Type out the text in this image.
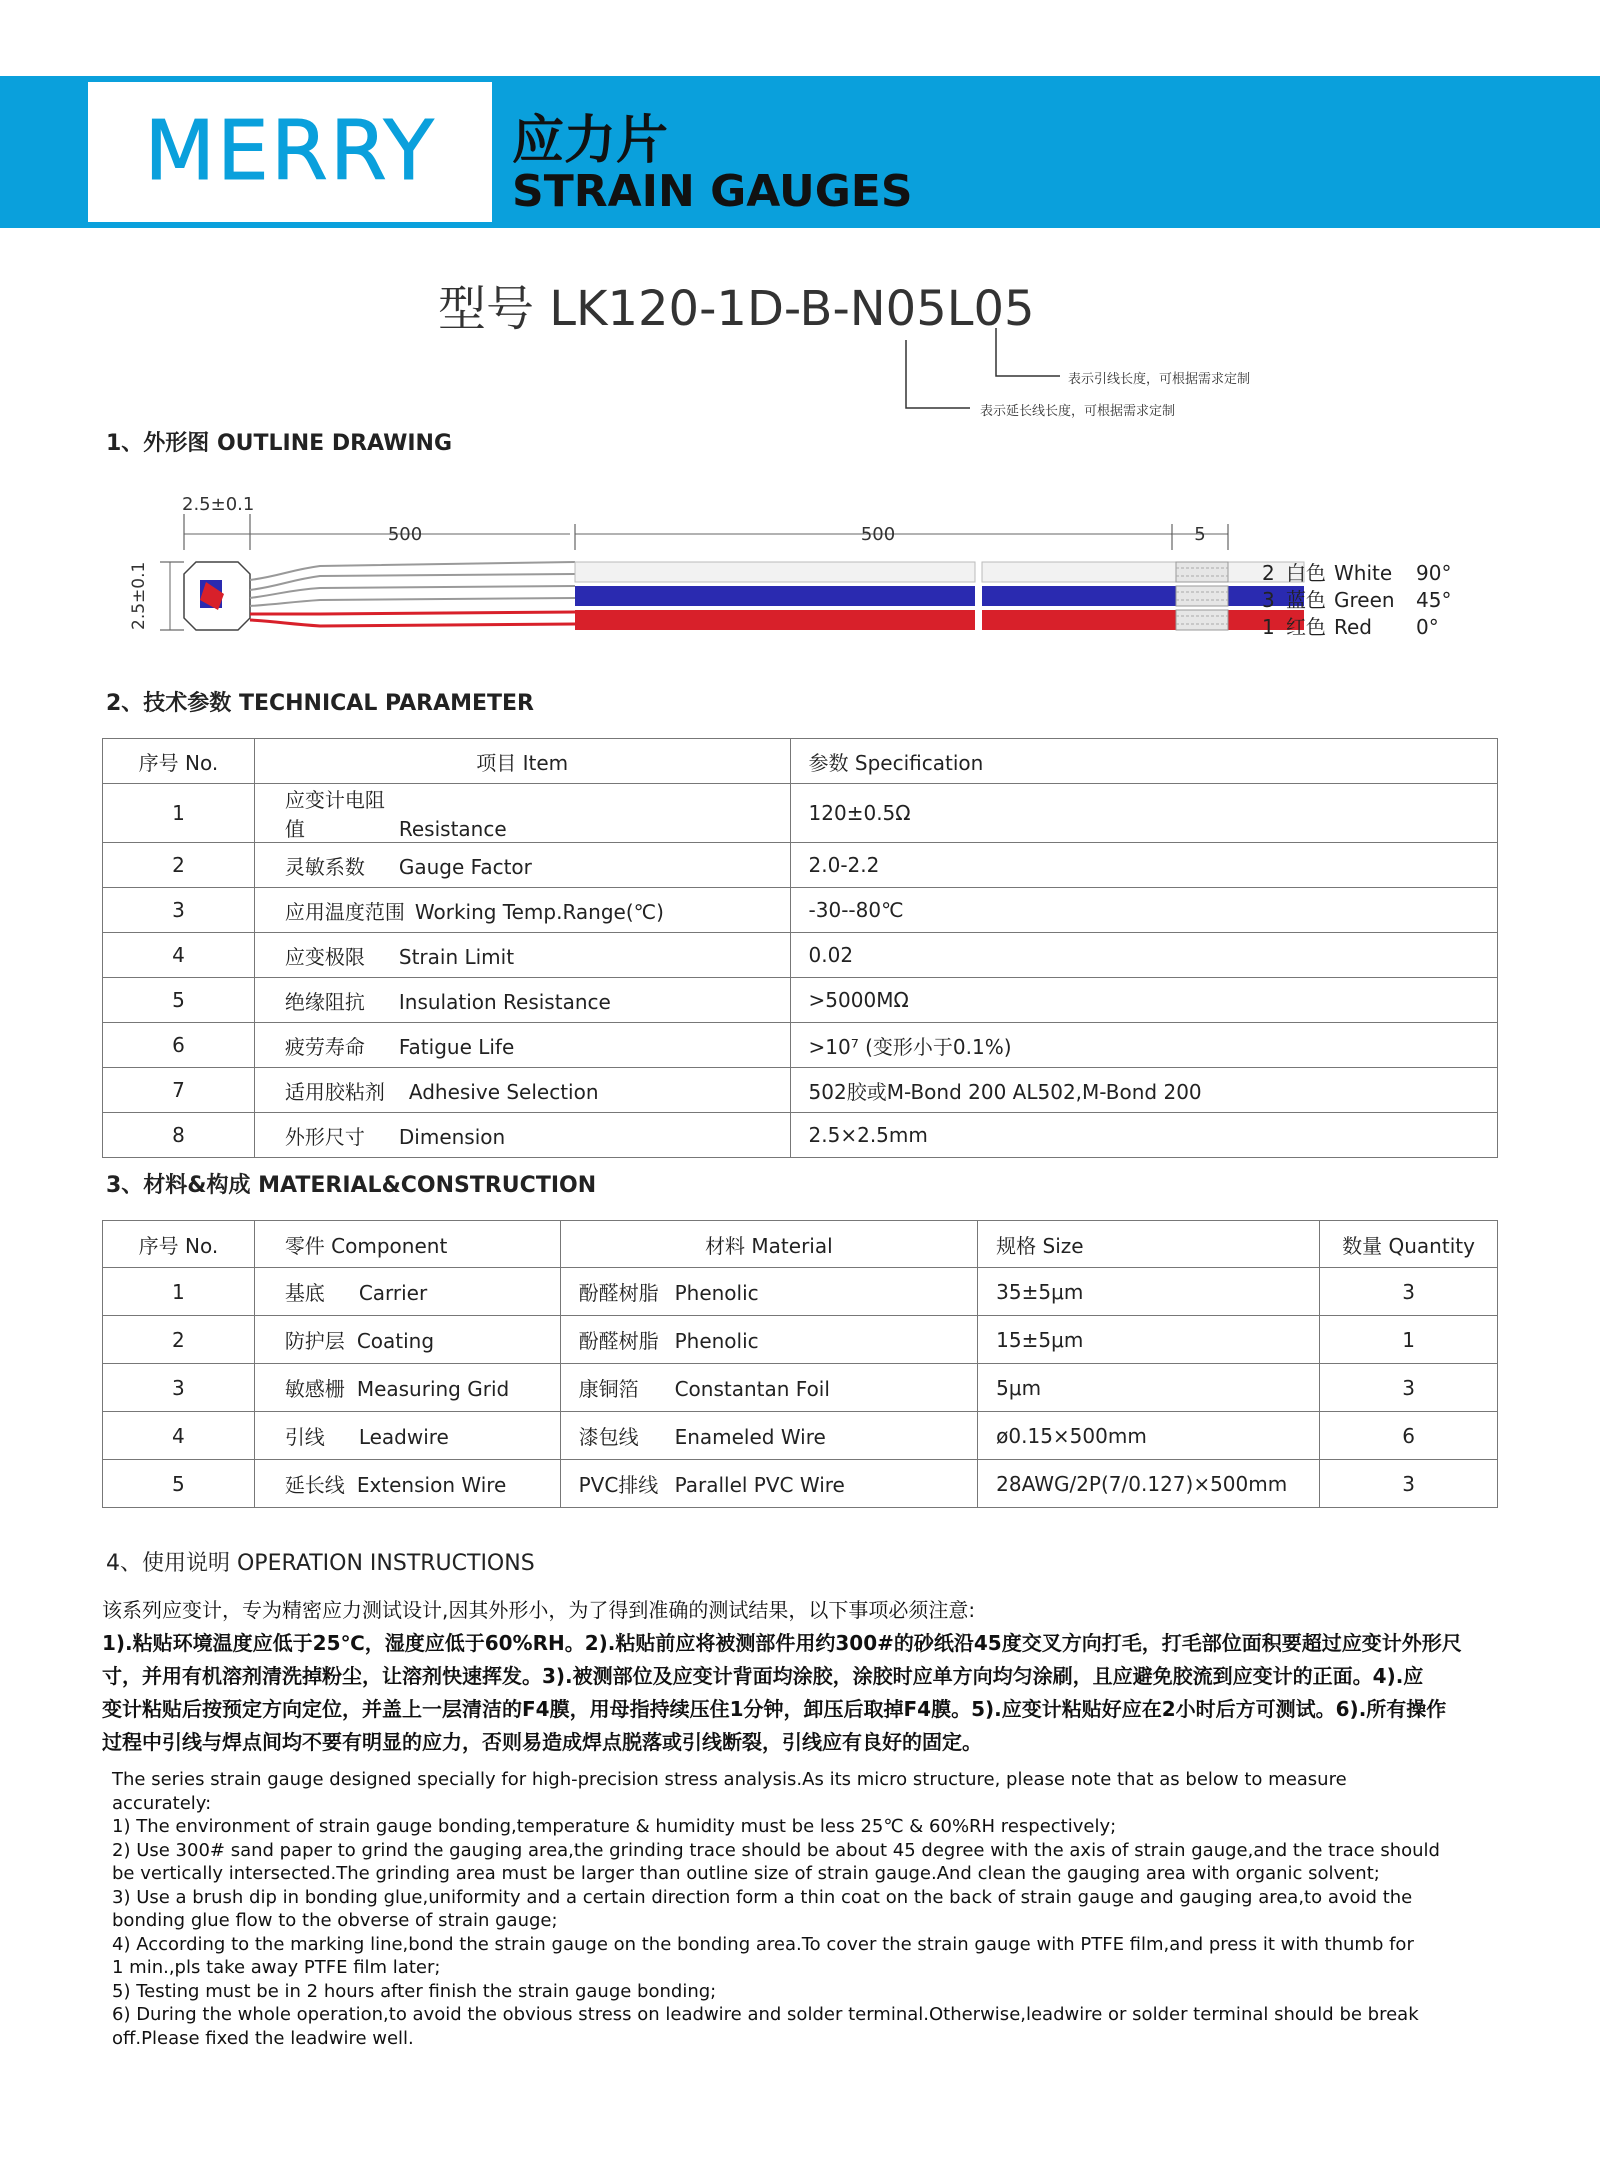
MERRY	应力片
STRAIN GAUGES
型号 LK120-1D-B-N05L05
表示引线长度，可根据需求定制
表示延长线长度，可根据需求定制
1、外形图 OUTLINE DRAWING
2.5±0.1
500	500	5
2.5±0.1	2 白色 White 90°
3 蓝色 Green 45°
1 红色 Red 0°
2、技术参数 TECHNICAL PARAMETER
序号 No.	项目 Item	参数 Specification
1	应变计电阻值 Resistance	120±0.5Ω
2	灵敏系数 Gauge Factor	2.0-2.2
3	应用温度范围 Working Temp.Range(℃)	-30--80℃
4	应变极限 Strain Limit	0.02
5	绝缘阻抗 Insulation Resistance	>5000MΩ
6	疲劳寿命 Fatigue Life	>10⁷ (变形小于0.1%)
7	适用胶粘剂 Adhesive Selection	502胶或M-Bond 200 AL502,M-Bond 200
8	外形尺寸 Dimension	2.5×2.5mm
3、材料&构成 MATERIAL&CONSTRUCTION
序号 No.	零件 Component	材料 Material	规格 Size	数量 Quantity
1	基底 Carrier	酚醛树脂 Phenolic	35±5μm	3
2	防护层 Coating	酚醛树脂 Phenolic	15±5μm	1
3	敏感栅 Measuring Grid	康铜箔 Constantan Foil	5μm	3
4	引线 Leadwire	漆包线 Enameled Wire	ø0.15×500mm	6
5	延长线 Extension Wire	PVC排线 Parallel PVC Wire	28AWG/2P(7/0.127)×500mm	3
4、使用说明 OPERATION INSTRUCTIONS
该系列应变计，专为精密应力测试设计,因其外形小，为了得到准确的测试结果，以下事项必须注意:
1).粘贴环境温度应低于25℃，湿度应低于60%RH。2).粘贴前应将被测部件用约300#的砂纸沿45度交叉方向打毛，打毛部位面积要超过应变计外形尺
寸，并用有机溶剂清洗掉粉尘，让溶剂快速挥发。3).被测部位及应变计背面均涂胶，涂胶时应单方向均匀涂刷，且应避免胶流到应变计的正面。4).应
变计粘贴后按预定方向定位，并盖上一层清洁的F4膜，用母指持续压住1分钟，卸压后取掉F4膜。5).应变计粘贴好应在2小时后方可测试。6).所有操作
过程中引线与焊点间均不要有明显的应力，否则易造成焊点脱落或引线断裂，引线应有良好的固定。
The series strain gauge designed specially for high-precision stress analysis.As its micro structure, please note that as below to measure
accurately:
1) The environment of strain gauge bonding,temperature & humidity must be less 25℃ & 60%RH respectively;
2) Use 300# sand paper to grind the gauging area,the grinding trace should be about 45 degree with the axis of strain gauge,and the trace should
be vertically intersected.The grinding area must be larger than outline size of strain gauge.And clean the gauging area with organic solvent;
3) Use a brush dip in bonding glue,uniformity and a certain direction form a thin coat on the back of strain gauge and gauging area,to avoid the
bonding glue flow to the obverse of strain gauge;
4) According to the marking line,bond the strain gauge on the bonding area.To cover the strain gauge with PTFE film,and press it with thumb for
1 min.,pls take away PTFE film later;
5) Testing must be in 2 hours after finish the strain gauge bonding;
6) During the whole operation,to avoid the obvious stress on leadwire and solder terminal.Otherwise,leadwire or solder terminal should be break
off.Please fixed the leadwire well.
